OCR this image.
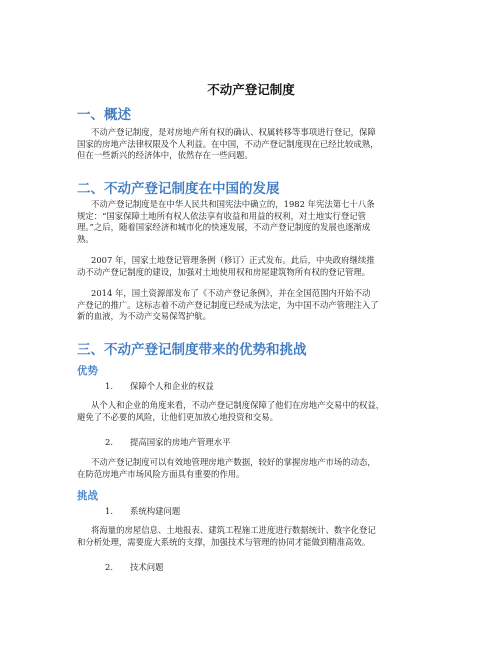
不动产登记制度
一、概述

不动产登记制度，是对房地产所有权的确认、权属转移等事项进行登记，保障
国家的房地产法律权限及个人利益。在中国，不动产登记制度现在已经比较成熟，
但在一些新兴的经济体中，依然存在一些问题。

二、不动产登记制度在中国的发展

不动产登记制度是在中华人民共和国宪法中确立的，1982 年宪法第七十八条
规定：“国家保障土地所有权人依法享有收益和用益的权利，对土地实行登记管
理。”之后，随着国家经济和城市化的快速发展，不动产登记制度的发展也逐渐成
熟。

2007 年，国家土地登记管理条例（修订）正式发布。此后，中央政府继续推
动不动产登记制度的建设，加强对土地使用权和房屋建筑物所有权的登记管理。

2014 年，国土资源部发布了《不动产登记条例》，并在全国范围内开始不动
产登记的推广。这标志着不动产登记制度已经成为法定，为中国不动产管理注入了
新的血液，为不动产交易保驾护航。

三、不动产登记制度带来的优势和挑战
优势

1. 保障个人和企业的权益

从个人和企业的角度来看，不动产登记制度保障了他们在房地产交易中的权益，
避免了不必要的风险，让他们更加放心地投资和交易。

2. 提高国家的房地产管理水平

不动产登记制度可以有效地管理房地产数据，较好的掌握房地产市场的动态，
在防范房地产市场风险方面具有重要的作用。

挑战

1. 系统构建问题

将海量的房屋信息、土地报表、建筑工程施工进度进行数据统计、数字化登记
和分析处理，需要庞大系统的支撑，加强技术与管理的协同才能做到精准高效。

2. 技术问题
